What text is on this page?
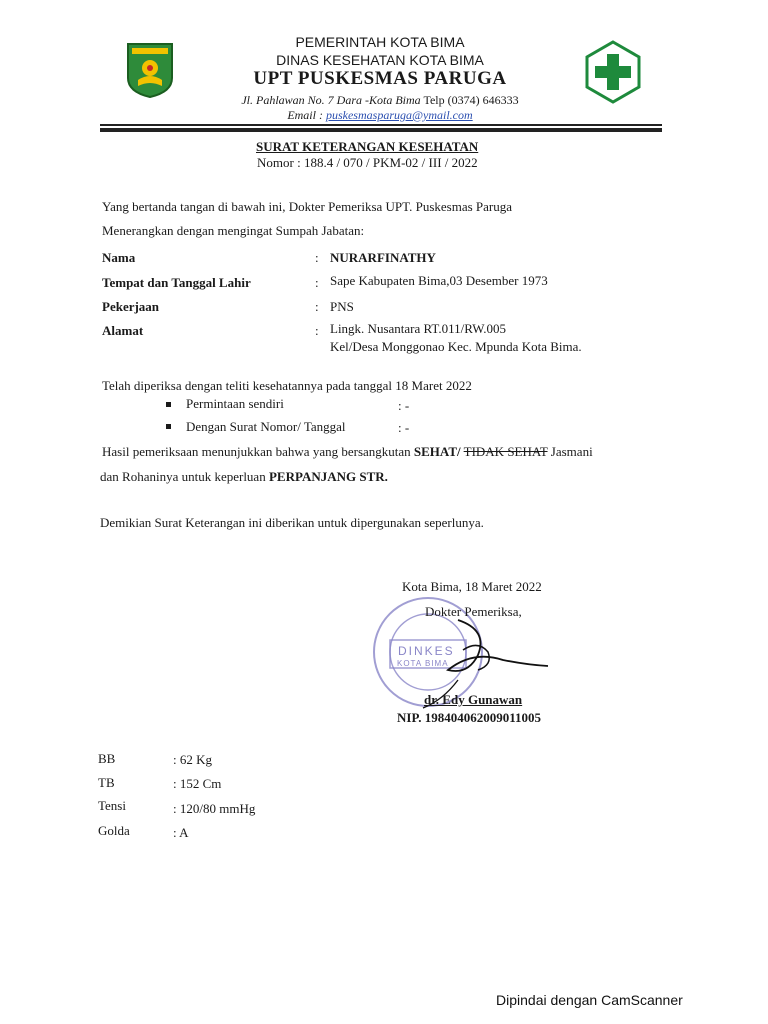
PEMERINTAH KOTA BIMA
DINAS KESEHATAN KOTA BIMA
UPT PUSKESMAS PARUGA
Jl. Pahlawan No. 7 Dara -Kota Bima Telp (0374) 646333
Email : puskesmasparuga@ymail.com
SURAT KETERANGAN KESEHATAN
Nomor : 188.4 / 070 / PKM-02 / III / 2022
Yang bertanda tangan di bawah ini, Dokter Pemeriksa UPT. Puskesmas Paruga
Menerangkan dengan mengingat Sumpah Jabatan:
Nama	: NURARFINATHY
Tempat dan Tanggal Lahir	: Sape Kabupaten Bima,03 Desember 1973
Pekerjaan	: PNS
Alamat	: Lingk. Nusantara RT.011/RW.005
Kel/Desa Monggonao Kec. Mpunda Kota Bima.
Telah diperiksa dengan teliti kesehatannya pada tanggal 18 Maret 2022
Permintaan sendiri	: -
Dengan Surat Nomor/ Tanggal	: -
Hasil pemeriksaan menunjukkan bahwa yang bersangkutan SEHAT/ TIDAK SEHAT Jasmani
dan Rohaninya untuk keperluan PERPANJANG STR.
Demikian Surat Keterangan ini diberikan untuk dipergunakan seperlunya.
Kota Bima, 18 Maret 2022
DINKES
KOTA BIMA
Dokter Pemeriksa,
dr. Edy Gunawan
NIP. 198404062009011005
BB	: 62 Kg
TB	: 152 Cm
Tensi	: 120/80 mmHg
Golda	: A
Dipindai dengan CamScanner
